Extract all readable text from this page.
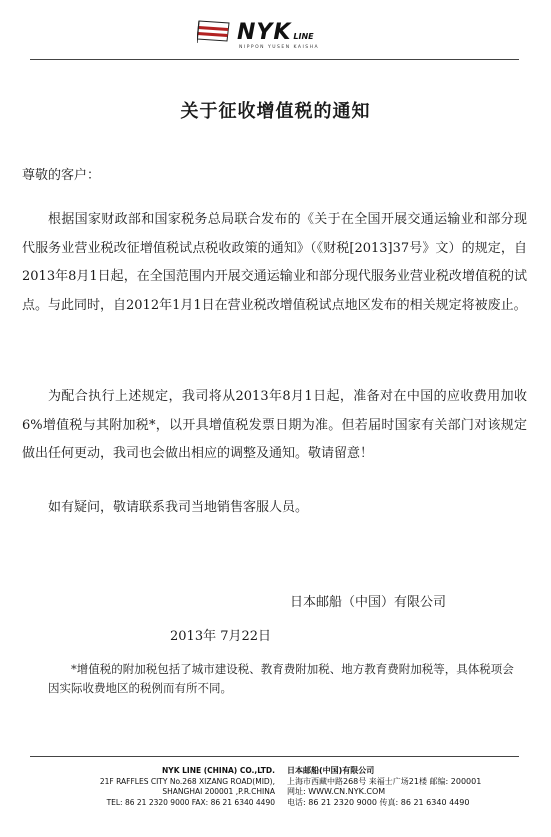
NYK LINE
NIPPON YUSEN KAISHA
关于征收增值税的通知
尊敬的客户：

根据国家财政部和国家税务总局联合发布的《关于在全国开展交通运输业和部分现代服务业营业税改征增值税试点税收政策的通知》（《财税[2013]37号》文）的规定，自2013年8月1日起，在全国范围内开展交通运输业和部分现代服务业营业税改增值税的试点。与此同时，自2012年1月1日在营业税改增值税试点地区发布的相关规定将被废止。

为配合执行上述规定，我司将从2013年8月1日起，准备对在中国的应收费用加收6%增值税与其附加税*，以开具增值税发票日期为准。但若届时国家有关部门对该规定做出任何更动，我司也会做出相应的调整及通知。敬请留意！

如有疑问，敬请联系我司当地销售客服人员。

日本邮船（中国）有限公司
2013年 7月22日

*增值税的附加税包括了城市建设税、教育费附加税、地方教育费附加税等，具体税项会因实际收费地区的税例而有所不同。

NYK LINE (CHINA) CO.,LTD.
21F RAFFLES CITY No.268 XIZANG ROAD(MID),
SHANGHAI 200001 ,P.R.CHINA
TEL: 86 21 2320 9000 FAX: 86 21 6340 4490
日本邮船(中国)有限公司
上海市西藏中路268号 来福士广场21楼 邮编: 200001
网址: WWW.CN.NYK.COM
电话: 86 21 2320 9000 传真: 86 21 6340 4490
